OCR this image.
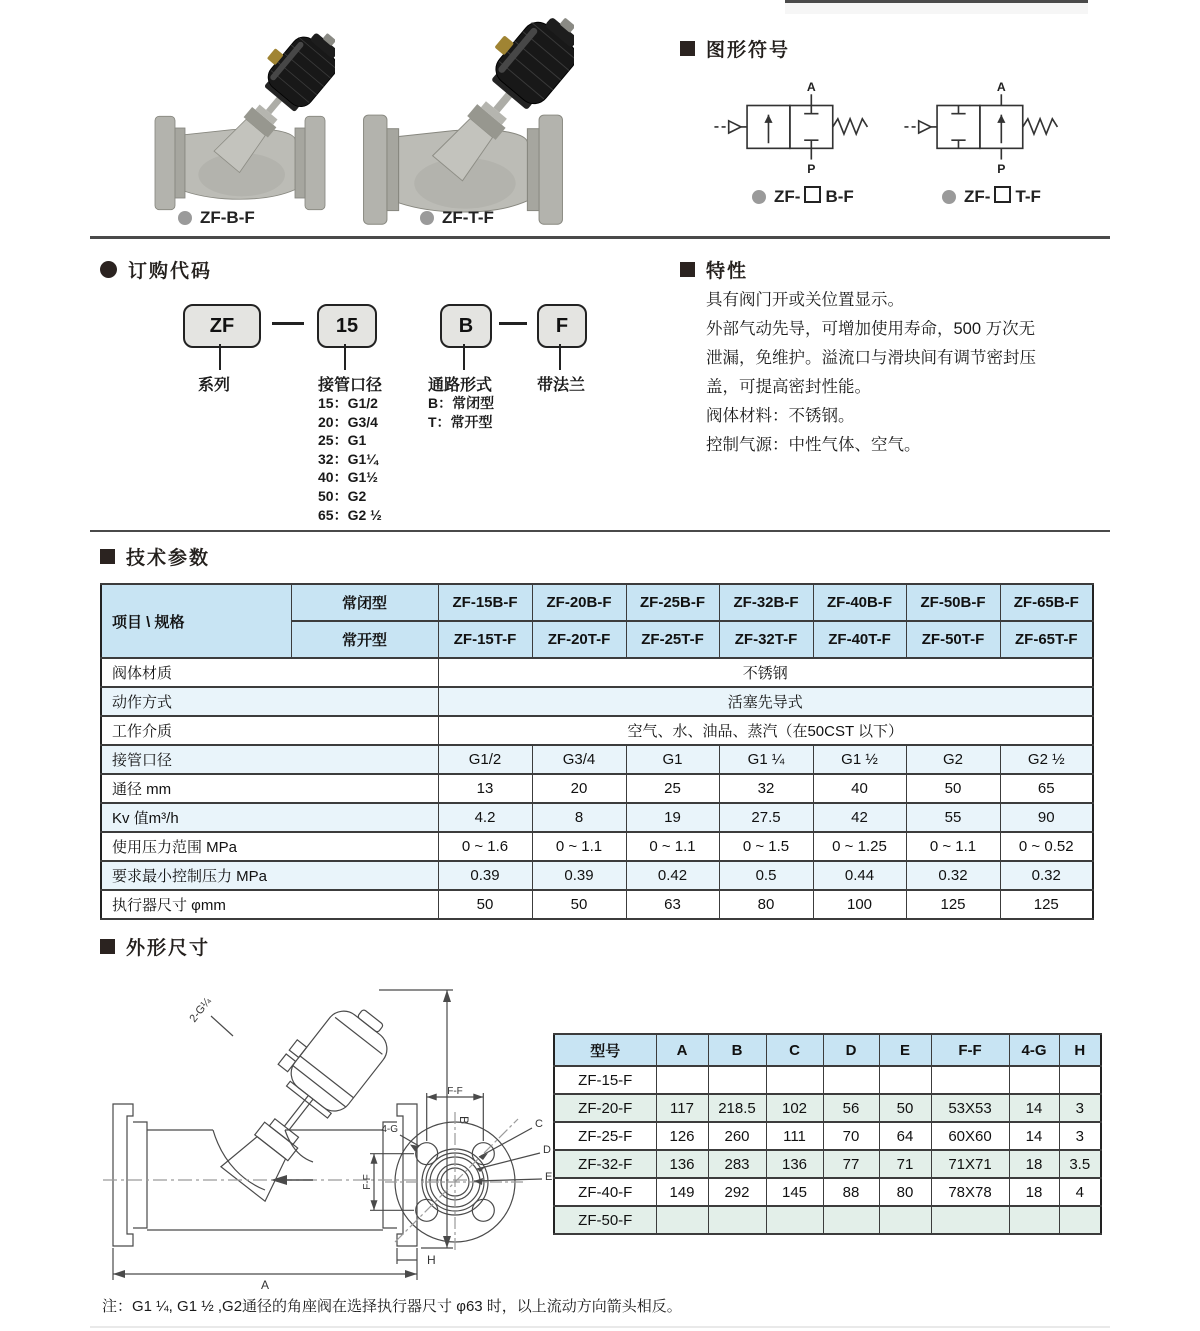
ZF-B-F	ZF-T-F
图形符号
A
P
ZF- B-F
A
P
ZF- T-F
订购代码
ZF	15	B	F
系列	接管口径	通路形式	带法兰
15：G1/2
20：G3/4
25：G1
32：G1¼
40：G1½
50：G2
65：G2 ½
B：常闭型
T：常开型
特性
具有阀门开或关位置显示。
外部气动先导，可增加使用寿命，500 万次无
泄漏，免维护。溢流口与滑块间有调节密封压
盖，可提高密封性能。
阀体材料：不锈钢。
控制气源：中性气体、空气。
技术参数
项目 \ 规格	常闭型	ZF-15B-F	ZF-20B-F	ZF-25B-F	ZF-32B-F	ZF-40B-F	ZF-50B-F	ZF-65B-F
	常开型	ZF-15T-F	ZF-20T-F	ZF-25T-F	ZF-32T-F	ZF-40T-F	ZF-50T-F	ZF-65T-F
阀体材质		不锈钢						
动作方式		活塞先导式						
工作介质		空气、水、油品、蒸汽（在50CST 以下）						
接管口径		G1/2	G3/4	G1	G1 ¼	G1 ½	G2	G2 ½
通径 mm		13	20	25	32	40	50	65
Kv 值m³/h		4.2	8	19	27.5	42	55	90
使用压力范围 MPa		0 ~ 1.6	0 ~ 1.1	0 ~ 1.1	0 ~ 1.5	0 ~ 1.25	0 ~ 1.1	0 ~ 0.52
要求最小控制压力 MPa		0.39	0.39	0.42	0.5	0.44	0.32	0.32
执行器尺寸 φmm		50	50	63	80	100	125	125
外形尺寸
B
A
H
2-G¼
F-F
F-F
4-G	C
D
E
型号	A	B	C	D	E	F-F	4-G	H
ZF-15-F								
ZF-20-F	117	218.5	102	56	50	53X53	14	3
ZF-25-F	126	260	111	70	64	60X60	14	3
ZF-32-F	136	283	136	77	71	71X71	18	3.5
ZF-40-F	149	292	145	88	80	78X78	18	4
ZF-50-F								
注：G1 ¼, G1 ½ ,G2通径的角座阀在选择执行器尺寸 φ63 时，以上流动方向箭头相反。
